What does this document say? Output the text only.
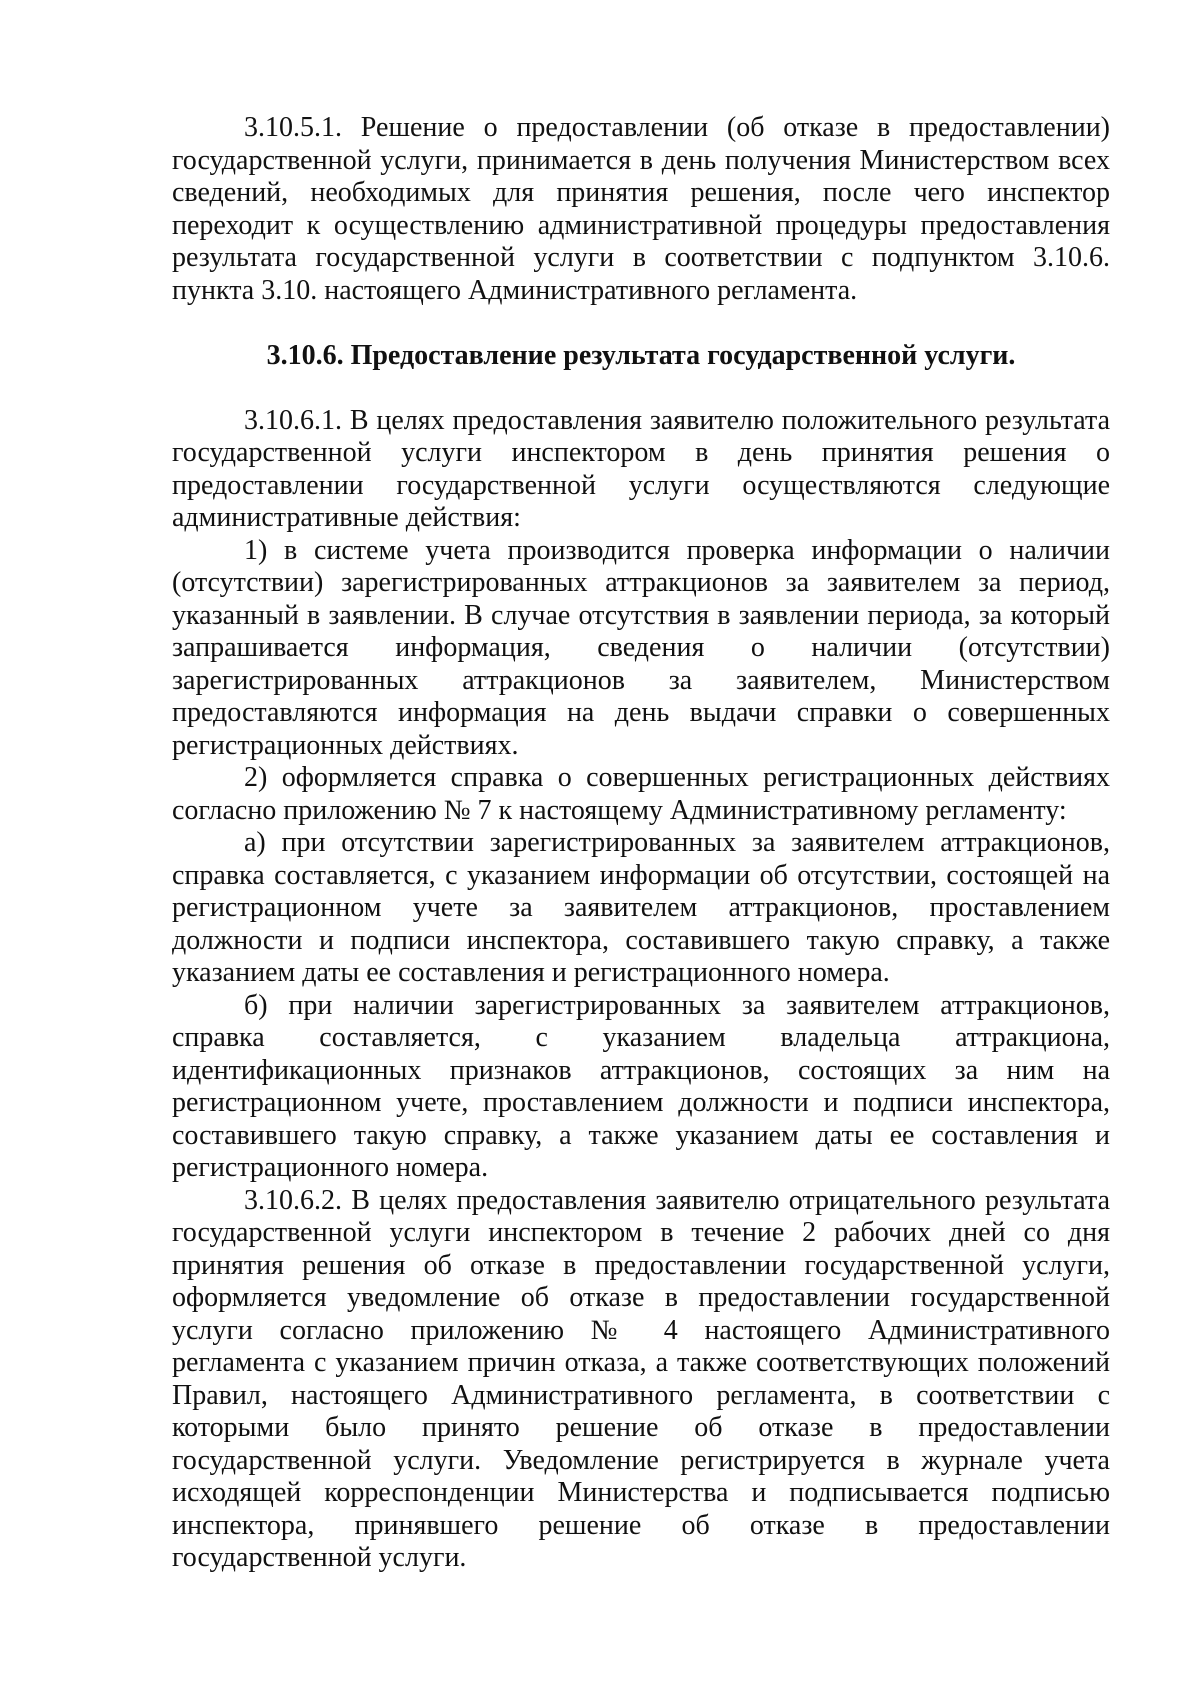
3.10.5.1. Решение о предоставлении (об отказе в предоставлении) государственной услуги, принимается в день получения Министерством всех сведений, необходимых для принятия решения, после чего инспектор переходит к осуществлению административной процедуры предоставления результата государственной услуги в соответствии с подпунктом 3.10.6. пункта 3.10. настоящего Административного регламента.

3.10.6. Предоставление результата государственной услуги.

3.10.6.1. В целях предоставления заявителю положительного результата государственной услуги инспектором в день принятия решения о предоставлении государственной услуги осуществляются следующие административные действия:

1) в системе учета производится проверка информации о наличии (отсутствии) зарегистрированных аттракционов за заявителем за период, указанный в заявлении. В случае отсутствия в заявлении периода, за который запрашивается информация, сведения о наличии (отсутствии) зарегистрированных аттракционов за заявителем, Министерством предоставляются информация на день выдачи справки о совершенных регистрационных действиях.

2) оформляется справка о совершенных регистрационных действиях согласно приложению № 7 к настоящему Административному регламенту:

а) при отсутствии зарегистрированных за заявителем аттракционов, справка составляется, с указанием информации об отсутствии, состоящей на регистрационном учете за заявителем аттракционов, проставлением должности и подписи инспектора, составившего такую справку, а также указанием даты ее составления и регистрационного номера.

б) при наличии зарегистрированных за заявителем аттракционов, справка составляется, с указанием владельца аттракциона, идентификационных признаков аттракционов, состоящих за ним на регистрационном учете, проставлением должности и подписи инспектора, составившего такую справку, а также указанием даты ее составления и регистрационного номера.

3.10.6.2. В целях предоставления заявителю отрицательного результата государственной услуги инспектором в течение 2 рабочих дней со дня принятия решения об отказе в предоставлении государственной услуги, оформляется уведомление об отказе в предоставлении государственной услуги согласно приложению № 4 настоящего Административного регламента с указанием причин отказа, а также соответствующих положений Правил, настоящего Административного регламента, в соответствии с которыми было принято решение об отказе в предоставлении государственной услуги. Уведомление регистрируется в журнале учета исходящей корреспонденции Министерства и подписывается подписью инспектора, принявшего решение об отказе в предоставлении государственной услуги.
